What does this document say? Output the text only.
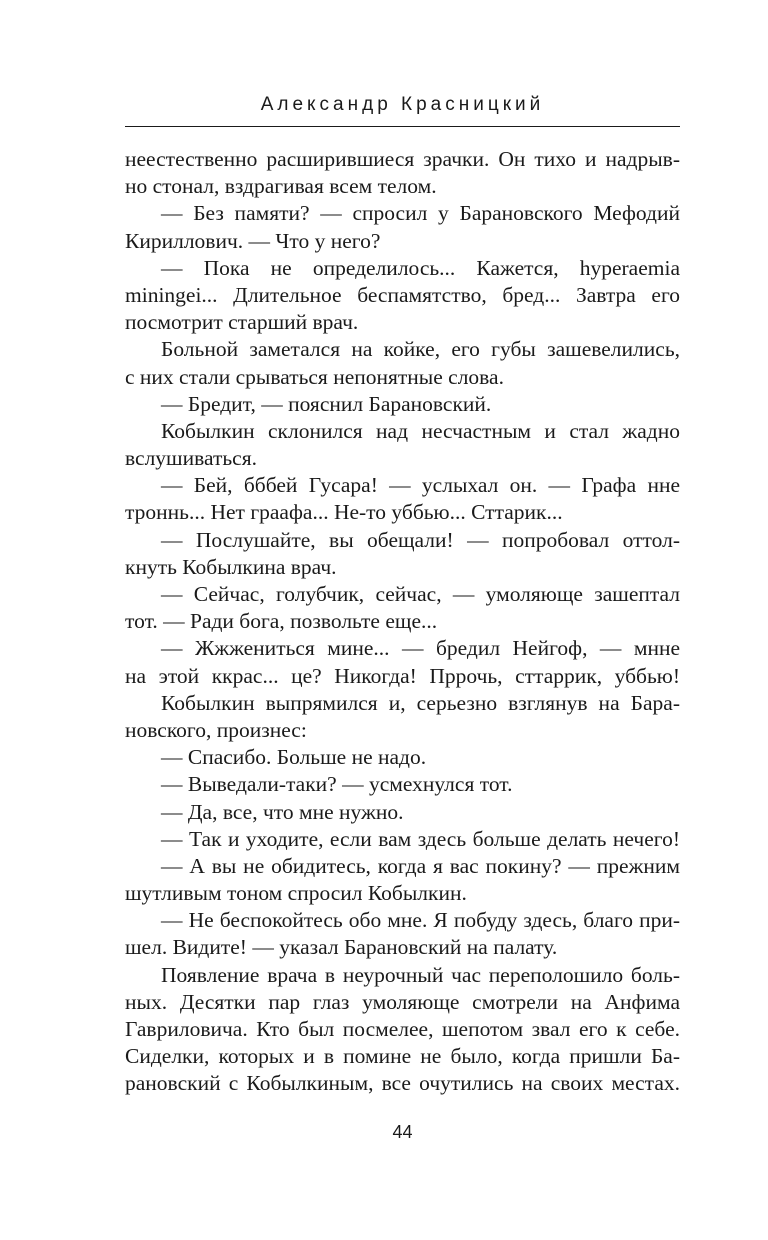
Александр Красницкий
неестественно расширившиеся зрачки. Он тихо и надрыв-
но стонал, вздрагивая всем телом.
— Без памяти? — спросил у Барановского Мефодий
Кириллович. — Что у него?
— Пока не определилось... Кажется, hyperaemia
miningei... Длительное беспамятство, бред... Завтра его
посмотрит старший врач.
Больной заметался на койке, его губы зашевелились,
с них стали срываться непонятные слова.
— Бредит, — пояснил Барановский.
Кобылкин склонился над несчастным и стал жадно
вслушиваться.
— Бей, бббей Гусара! — услыхал он. — Графа нне
троннь... Нет граафа... Не-то уббью... Сттарик...
— Послушайте, вы обещали! — попробовал оттол-
кнуть Кобылкина врач.
— Сейчас, голубчик, сейчас, — умоляюще зашептал
тот. — Ради бога, позвольте еще...
— Жжжениться мине... — бредил Нейгоф, — мнне
на этой ккрас... це? Никогда! Пррочь, сттаррик, уббью!
Кобылкин выпрямился и, серьезно взглянув на Бара-
новского, произнес:
— Спасибо. Больше не надо.
— Выведали-таки? — усмехнулся тот.
— Да, все, что мне нужно.
— Так и уходите, если вам здесь больше делать нечего!
— А вы не обидитесь, когда я вас покину? — прежним
шутливым тоном спросил Кобылкин.
— Не беспокойтесь обо мне. Я побуду здесь, благо при-
шел. Видите! — указал Барановский на палату.
Появление врача в неурочный час переполошило боль-
ных. Десятки пар глаз умоляюще смотрели на Анфима
Гавриловича. Кто был посмелее, шепотом звал его к себе.
Сиделки, которых и в помине не было, когда пришли Ба-
рановский с Кобылкиным, все очутились на своих местах.
44
